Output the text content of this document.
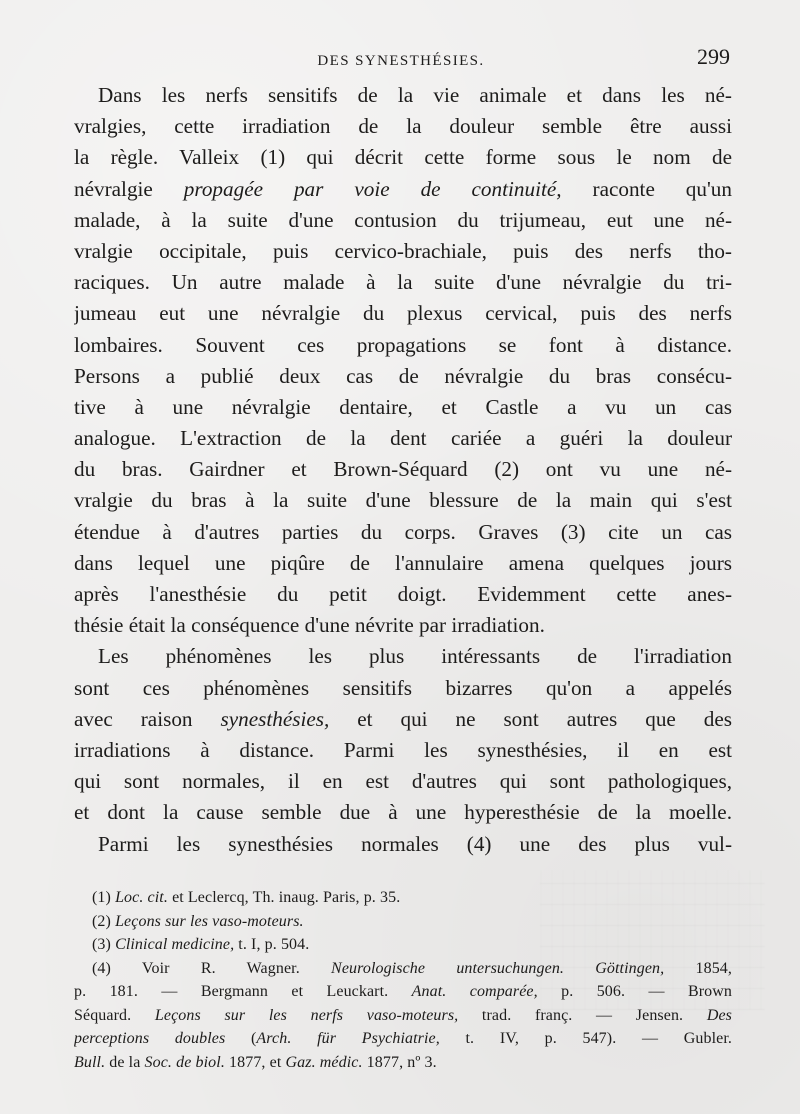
DES SYNESTHÉSIES.	299
Dans les nerfs sensitifs de la vie animale et dans les né-
vralgies, cette irradiation de la douleur semble être aussi
la règle. Valleix (1) qui décrit cette forme sous le nom de
névralgie propagée par voie de continuité, raconte qu'un
malade, à la suite d'une contusion du trijumeau, eut une né-
vralgie occipitale, puis cervico-brachiale, puis des nerfs tho-
raciques. Un autre malade à la suite d'une névralgie du tri-
jumeau eut une névralgie du plexus cervical, puis des nerfs
lombaires. Souvent ces propagations se font à distance.
Persons a publié deux cas de névralgie du bras consécu-
tive à une névralgie dentaire, et Castle a vu un cas
analogue. L'extraction de la dent cariée a guéri la douleur
du bras. Gairdner et Brown-Séquard (2) ont vu une né-
vralgie du bras à la suite d'une blessure de la main qui s'est
étendue à d'autres parties du corps. Graves (3) cite un cas
dans lequel une piqûre de l'annulaire amena quelques jours
après l'anesthésie du petit doigt. Evidemment cette anes-
thésie était la conséquence d'une névrite par irradiation.
Les phénomènes les plus intéressants de l'irradiation
sont ces phénomènes sensitifs bizarres qu'on a appelés
avec raison synesthésies, et qui ne sont autres que des
irradiations à distance. Parmi les synesthésies, il en est
qui sont normales, il en est d'autres qui sont pathologiques,
et dont la cause semble due à une hyperesthésie de la moelle.
Parmi les synesthésies normales (4) une des plus vul-
(1) Loc. cit. et Leclercq, Th. inaug. Paris, p. 35.
(2) Leçons sur les vaso-moteurs.
(3) Clinical medicine, t. I, p. 504.
(4) Voir R. Wagner. Neurologische untersuchungen. Göttingen, 1854,
p. 181. — Bergmann et Leuckart. Anat. comparée, p. 506. — Brown
Séquard. Leçons sur les nerfs vaso-moteurs, trad. franç. — Jensen. Des
perceptions doubles (Arch. für Psychiatrie, t. IV, p. 547). — Gubler.
Bull. de la Soc. de biol. 1877, et Gaz. médic. 1877, nº 3.
